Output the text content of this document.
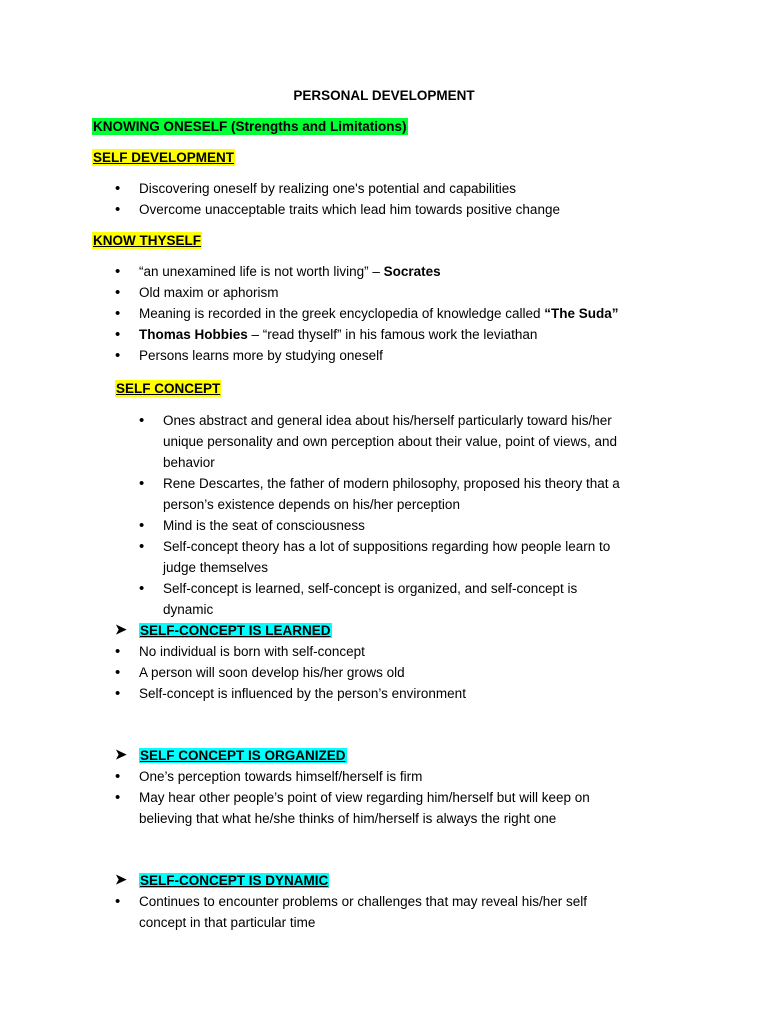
PERSONAL DEVELOPMENT
KNOWING ONESELF (Strengths and Limitations)
SELF DEVELOPMENT
•
Discovering oneself by realizing one's potential and capabilities
•
Overcome unacceptable traits which lead him towards positive change
KNOW THYSELF
•
“an unexamined life is not worth living” – Socrates
•
Old maxim or aphorism
•
Meaning is recorded in the greek encyclopedia of knowledge called “The Suda”
•
Thomas Hobbies – “read thyself” in his famous work the leviathan
•
Persons learns more by studying oneself
SELF CONCEPT
•
Ones abstract and general idea about his/herself particularly toward his/her
unique personality and own perception about their value, point of views, and
behavior
•
Rene Descartes, the father of modern philosophy, proposed his theory that a
person’s existence depends on his/her perception
•
Mind is the seat of consciousness
•
Self-concept theory has a lot of suppositions regarding how people learn to
judge themselves
•
Self-concept is learned, self-concept is organized, and self-concept is
dynamic
➤ SELF-CONCEPT IS LEARNED
•
No individual is born with self-concept
•
A person will soon develop his/her grows old
•
Self-concept is influenced by the person’s environment
➤ SELF CONCEPT IS ORGANIZED
•
One’s perception towards himself/herself is firm
•
May hear other people’s point of view regarding him/herself but will keep on
believing that what he/she thinks of him/herself is always the right one
➤ SELF-CONCEPT IS DYNAMIC
•
Continues to encounter problems or challenges that may reveal his/her self
concept in that particular time
